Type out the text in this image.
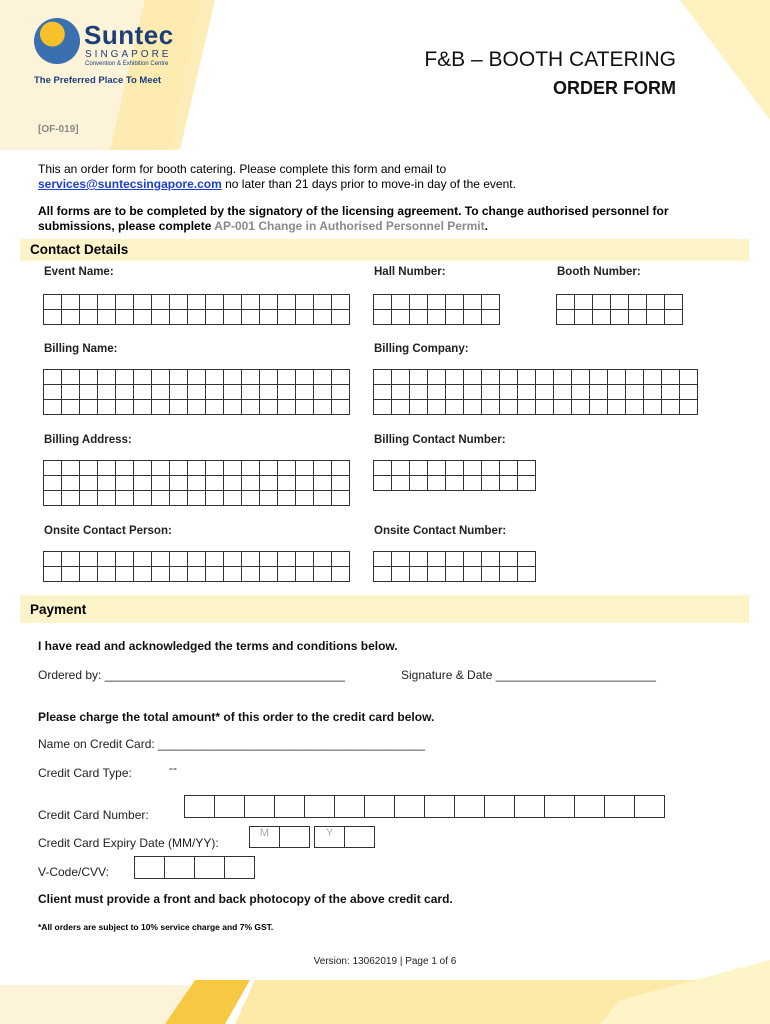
Suntec
SINGAPORE
Convention & Exhibition Centre
The Preferred Place To Meet
F&B – BOOTH CATERING
ORDER FORM
[OF-019]
This an order form for booth catering. Please complete this form and email to
services@suntecsingapore.com no later than 21 days prior to move-in day of the event.
All forms are to be completed by the signatory of the licensing agreement. To change authorised personnel for submissions, please complete AP-001 Change in Authorised Personnel Permit.
Contact Details
Event Name:	Hall Number:	Booth Number:

Billing Name:	Billing Company:

Billing Address:	Billing Contact Number:

Onsite Contact Person:	Onsite Contact Number:

Payment
I have read and acknowledged the terms and conditions below.
Ordered by: ____________________________________	Signature & Date ________________________
Please charge the total amount* of this order to the credit card below.
Name on Credit Card: ________________________________________
Credit Card Type:	--
Credit Card Number:

Credit Card Expiry Date (MM/YY):
M		Y	
V-Code/CVV:

Client must provide a front and back photocopy of the above credit card.
*All orders are subject to 10% service charge and 7% GST.
Version: 13062019 | Page 1 of 6
